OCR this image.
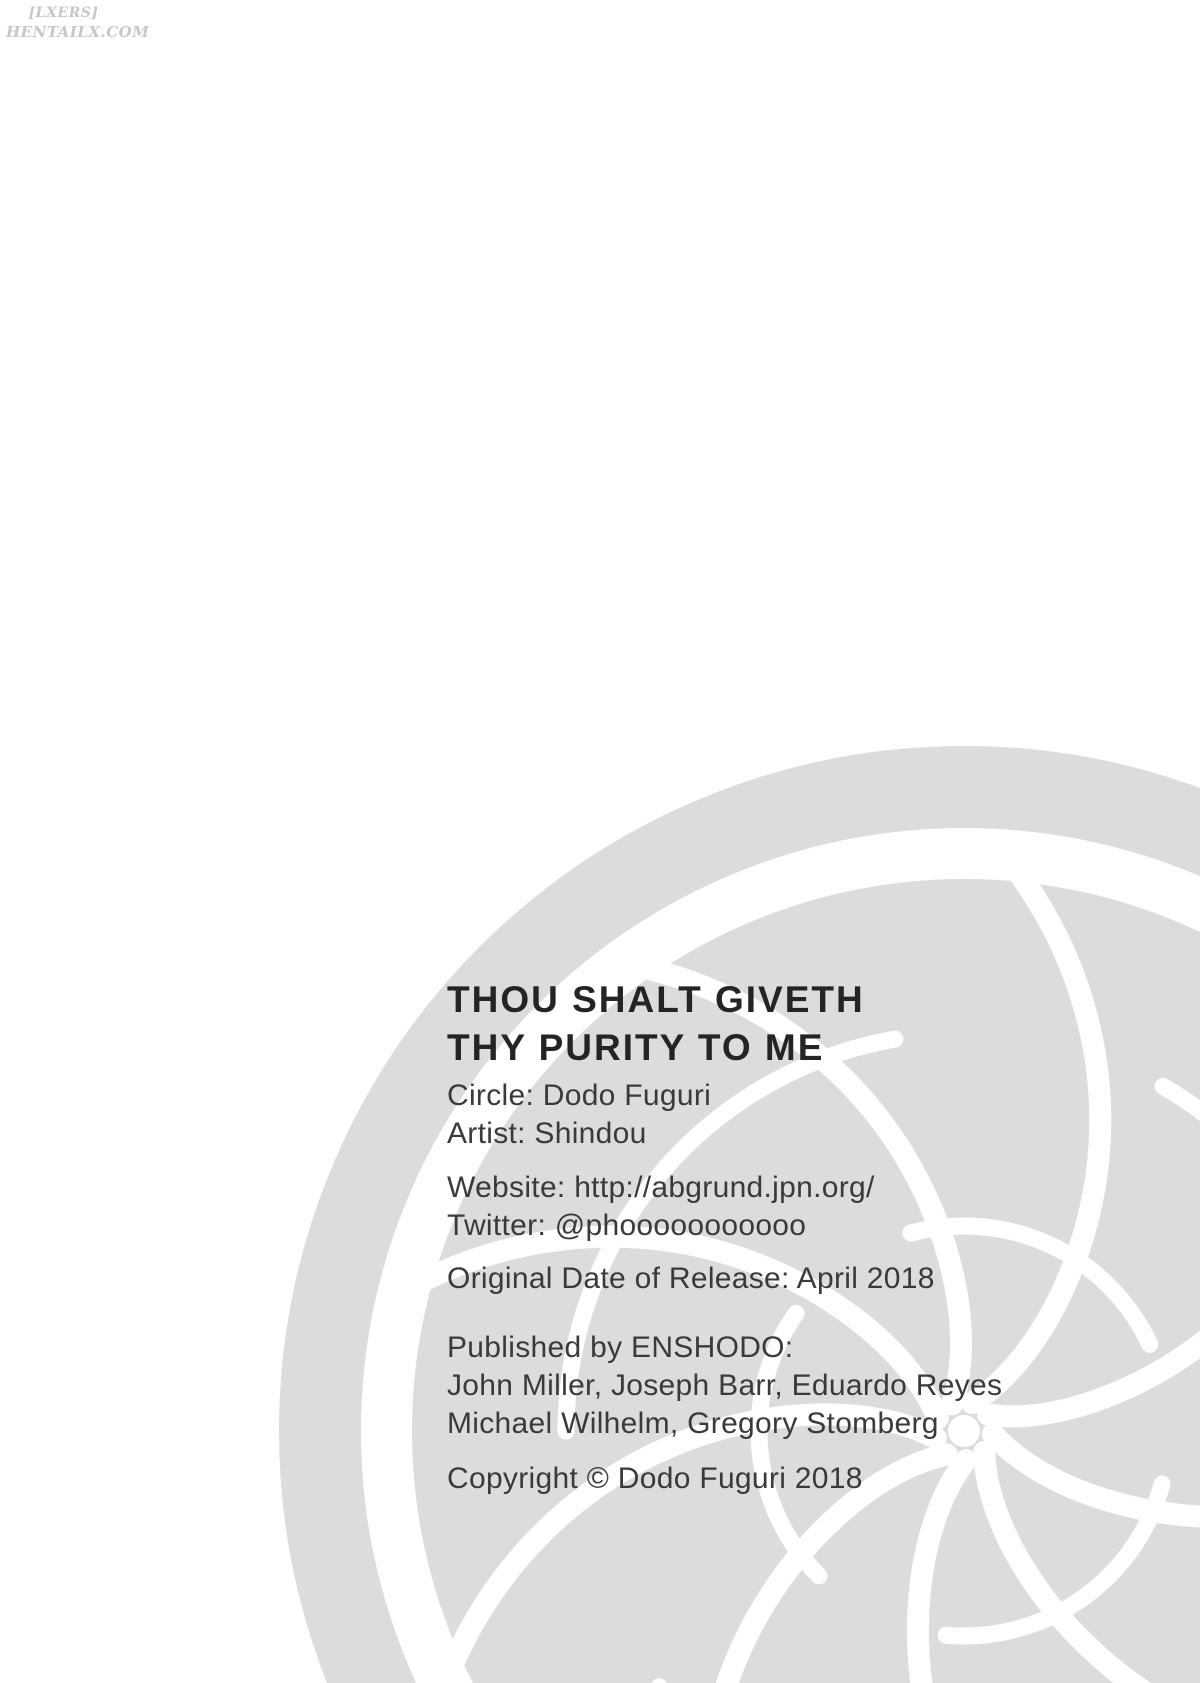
[LXERS]
HENTAILX.COM
THOU SHALT GIVETH
THY PURITY TO ME
Circle: Dodo Fuguri
Artist: Shindou
Website: http://abgrund.jpn.org/
Twitter: @phooooooooooo
Original Date of Release: April 2018
Published by ENSHODO:
John Miller, Joseph Barr, Eduardo Reyes
Michael Wilhelm, Gregory Stomberg
Copyright © Dodo Fuguri 2018
